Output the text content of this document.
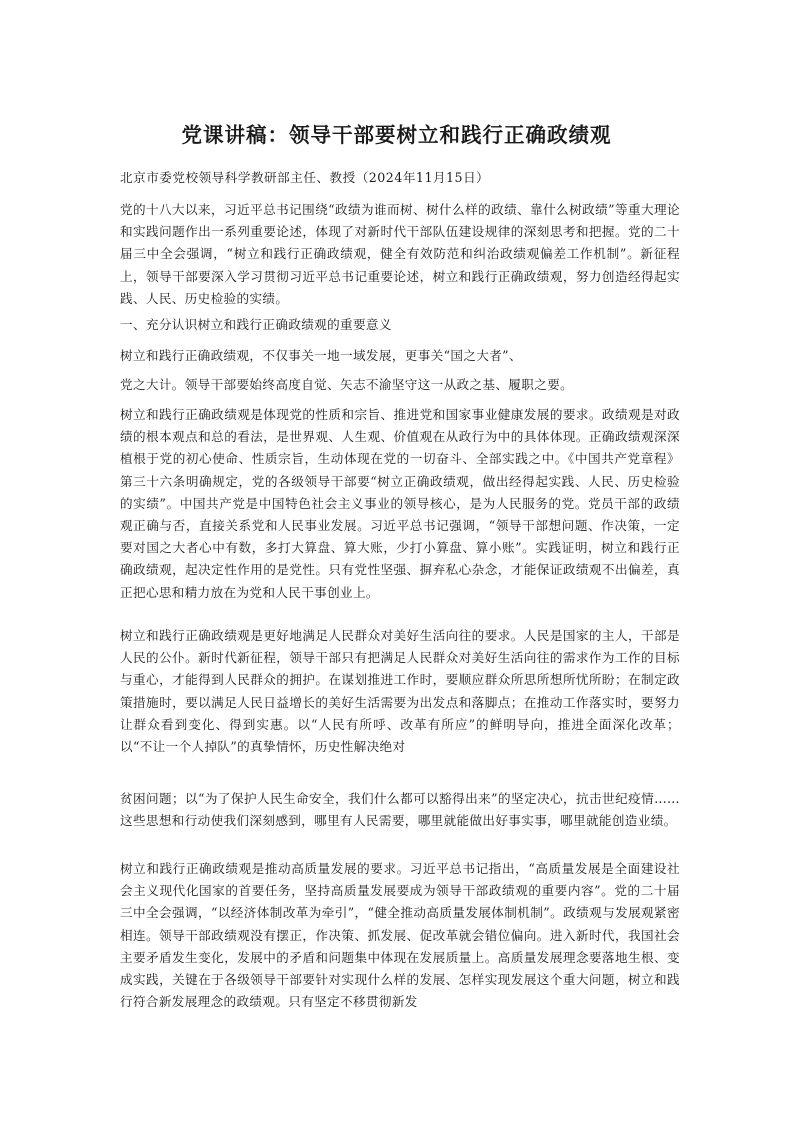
党课讲稿：领导干部要树立和践行正确政绩观
北京市委党校领导科学教研部主任、教授（2024年11月15日）

党的十八大以来，习近平总书记围绕“政绩为谁而树、树什么样的政绩、靠什么树政绩”等重大理论和实践问题作出一系列重要论述，体现了对新时代干部队伍建设规律的深刻思考和把握。党的二十届三中全会强调，“树立和践行正确政绩观，健全有效防范和纠治政绩观偏差工作机制”。新征程上，领导干部要深入学习贯彻习近平总书记重要论述，树立和践行正确政绩观，努力创造经得起实践、人民、历史检验的实绩。

一、充分认识树立和践行正确政绩观的重要意义

树立和践行正确政绩观，不仅事关一地一域发展，更事关“国之大者”、

党之大计。领导干部要始终高度自觉、矢志不渝坚守这一从政之基、履职之要。

树立和践行正确政绩观是体现党的性质和宗旨、推进党和国家事业健康发展的要求。政绩观是对政绩的根本观点和总的看法，是世界观、人生观、价值观在从政行为中的具体体现。正确政绩观深深植根于党的初心使命、性质宗旨，生动体现在党的一切奋斗、全部实践之中。《中国共产党章程》第三十六条明确规定，党的各级领导干部要“树立正确政绩观，做出经得起实践、人民、历史检验的实绩”。中国共产党是中国特色社会主义事业的领导核心，是为人民服务的党。党员干部的政绩观正确与否，直接关系党和人民事业发展。习近平总书记强调，“领导干部想问题、作决策，一定要对国之大者心中有数，多打大算盘、算大账，少打小算盘、算小账”。实践证明，树立和践行正确政绩观，起决定性作用的是党性。只有党性坚强、摒弃私心杂念，才能保证政绩观不出偏差，真正把心思和精力放在为党和人民干事创业上。

树立和践行正确政绩观是更好地满足人民群众对美好生活向往的要求。人民是国家的主人，干部是人民的公仆。新时代新征程，领导干部只有把满足人民群众对美好生活向往的需求作为工作的目标与重心，才能得到人民群众的拥护。在谋划推进工作时，要顺应群众所思所想所忧所盼；在制定政策措施时，要以满足人民日益增长的美好生活需要为出发点和落脚点；在推动工作落实时，要努力让群众看到变化、得到实惠。以“人民有所呼、改革有所应”的鲜明导向，推进全面深化改革；以“不让一个人掉队”的真挚情怀，历史性解决绝对

贫困问题；以“为了保护人民生命安全，我们什么都可以豁得出来”的坚定决心，抗击世纪疫情……这些思想和行动使我们深刻感到，哪里有人民需要，哪里就能做出好事实事，哪里就能创造业绩。

树立和践行正确政绩观是推动高质量发展的要求。习近平总书记指出，“高质量发展是全面建设社会主义现代化国家的首要任务，坚持高质量发展要成为领导干部政绩观的重要内容”。党的二十届三中全会强调，“以经济体制改革为牵引”，“健全推动高质量发展体制机制”。政绩观与发展观紧密相连。领导干部政绩观没有摆正，作决策、抓发展、促改革就会错位偏向。进入新时代，我国社会主要矛盾发生变化，发展中的矛盾和问题集中体现在发展质量上。高质量发展理念要落地生根、变成实践，关键在于各级领导干部要针对实现什么样的发展、怎样实现发展这个重大问题，树立和践行符合新发展理念的政绩观。只有坚定不移贯彻新发
